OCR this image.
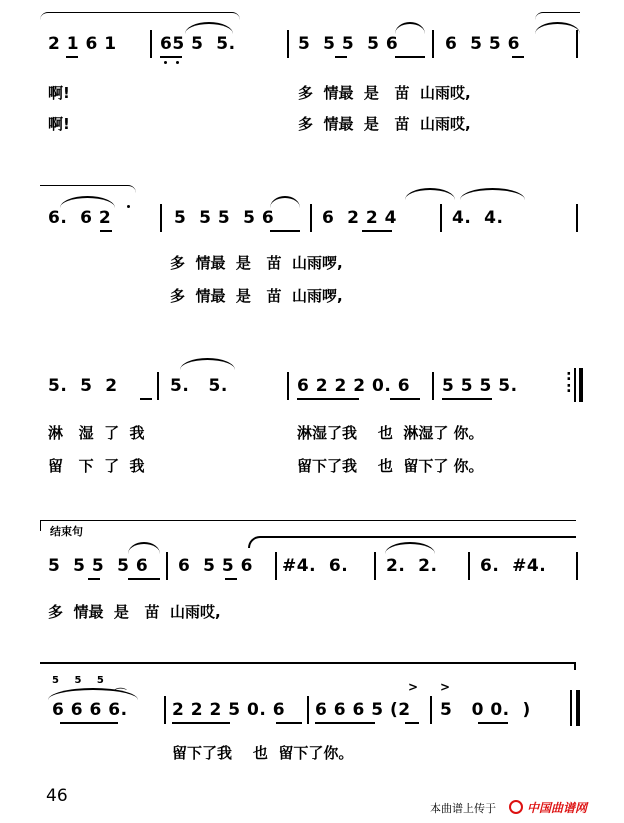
2 1 6 1	65 5  5.	5  5 5  5 6	6  5 5 6
啊!	多  情最  是   苗  山雨哎,
啊!	多  情最  是   苗  山雨哎,
6.  6 2	5  5 5  5 6	6  2 2 4	4.  4.
多  情最  是   苗  山雨啰,
多  情最  是   苗  山雨啰,
5.  5  2	5.   5.	6 2 2 2 0. 6 5 5 5 5.	:
:
淋   湿  了  我	淋湿了我    也  淋湿了 你。
留   下  了  我	留下了我    也  留下了 你。
结束句
5  5 5  5 6 6  5 5 6 #4.  6. 2.  2.	6.  #4.
多  情最  是   苗  山雨哎,
5 5 5
⌒
> >
6 6 6 6.	2 2 2 5 0. 6 6 6 6 5 (2 5   0 0.  )
留下了我    也  留下了你。
46
本曲谱上传于	中国曲谱网
